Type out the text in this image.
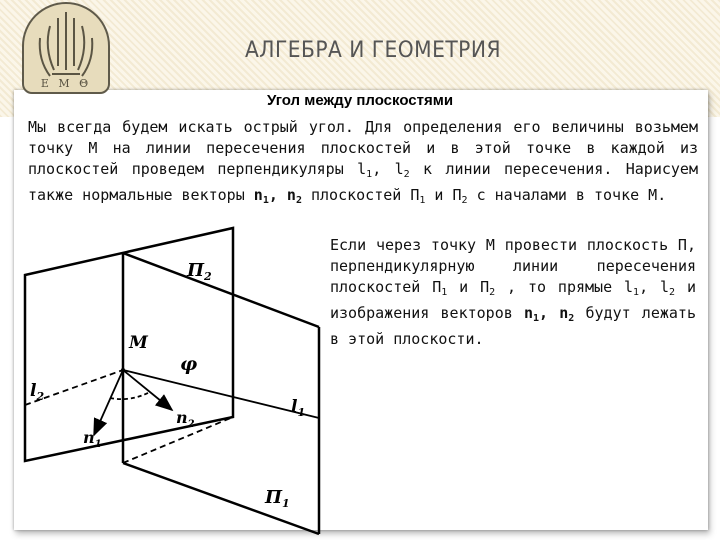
Ε Μ Θ
АЛГЕБРА И ГЕОМЕТРИЯ
Угол между плоскостями

Мы всегда будем искать острый угол. Для определения его величины возьмем точку М на линии пересечения плоскостей и в этой точке в каждой из плоскостей проведем перпендикуляры $l_1$, $l_2$ к линии пересечения. Нарисуем также нормальные векторы $n_1$, $n_2$ плоскостей $П_1$ и $П_2$ с началами в точке М.

Если через точку М провести плоскость П, перпендикулярную линии пересечения плоскостей $П_1$ и $П_2$ , то прямые $l_1$, $l_2$ и изображения векторов $n_1$, $n_2$ будут лежать в этой плоскости.

$П_2$
$П_1$
M
φ
$l_2$
$l_1$
$n_1$
$n_2$
